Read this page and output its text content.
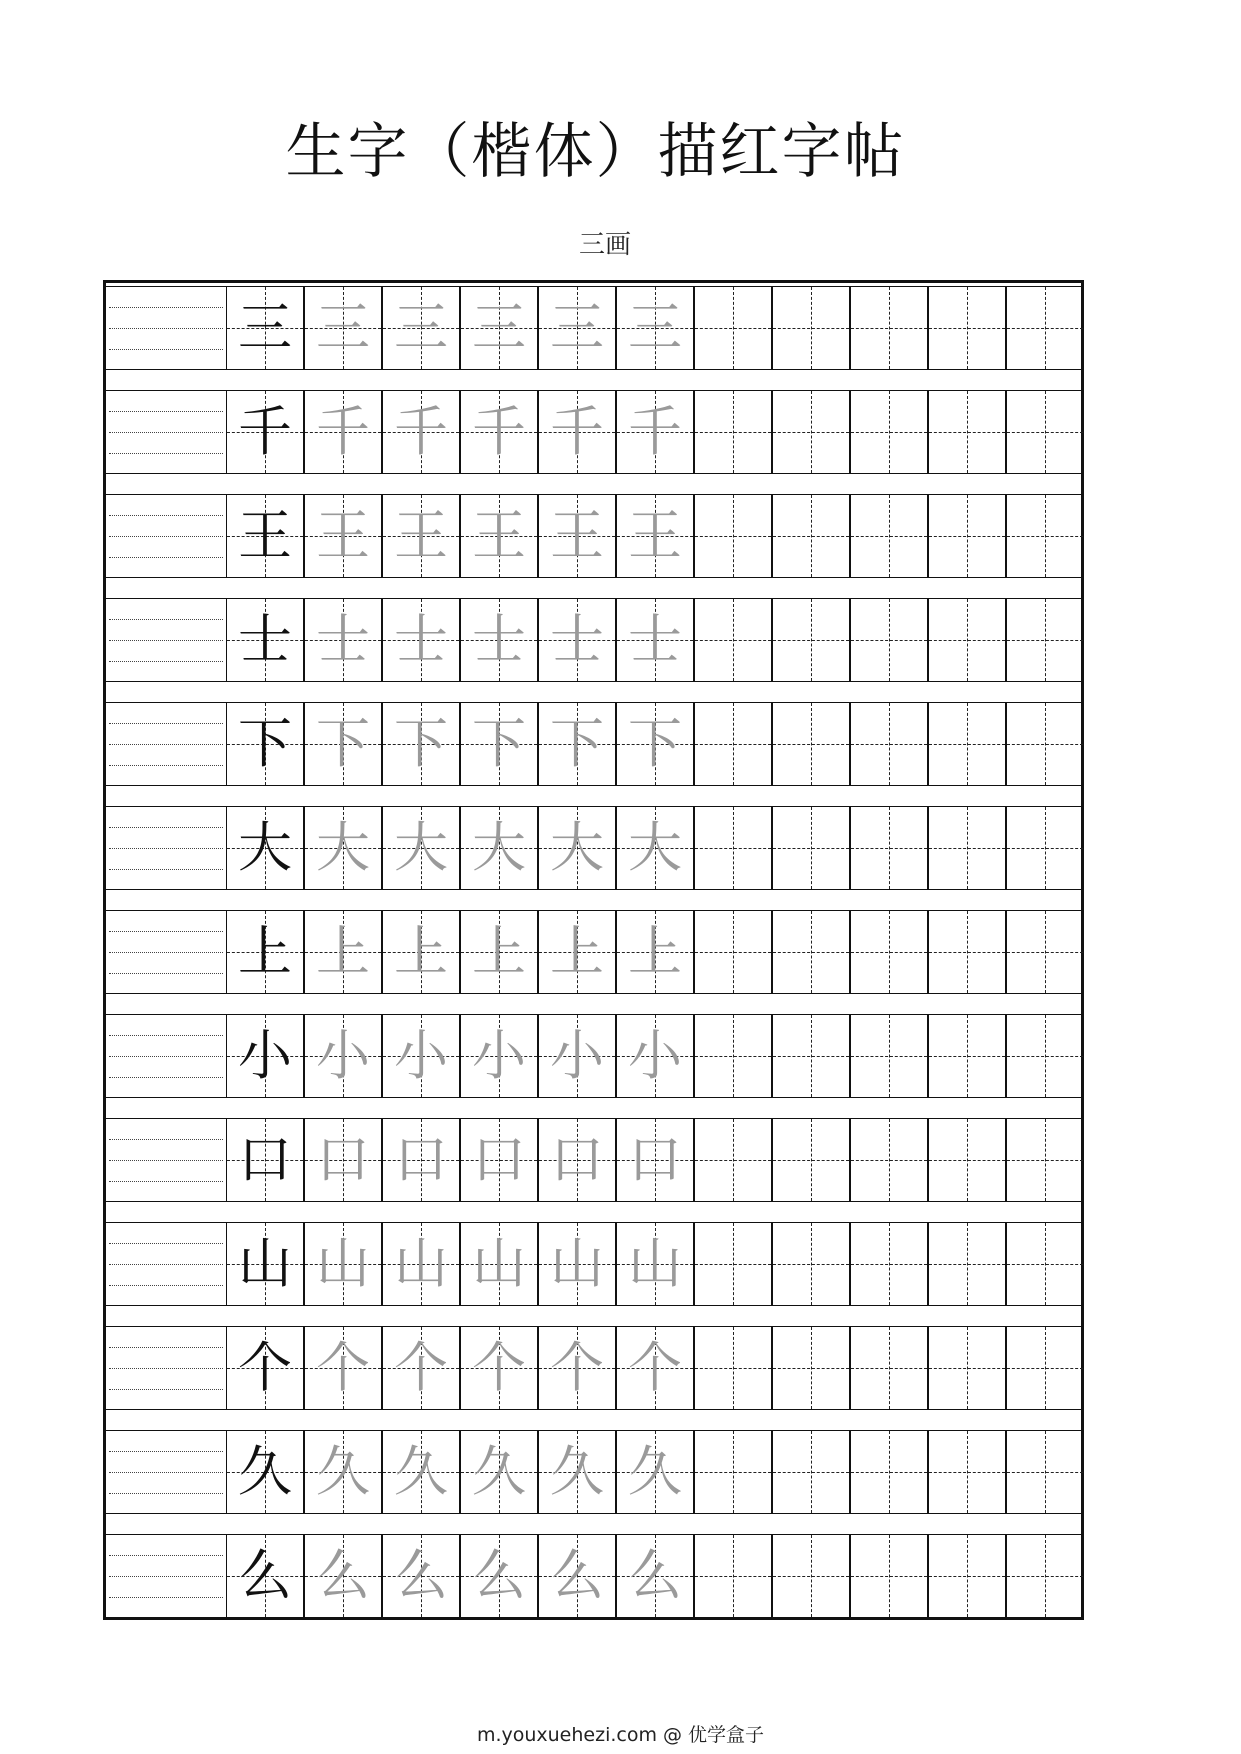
生字（楷体）描红字帖
三画
三 三 三 三 三 三
千 千 千 千 千 千
王 王 王 王 王 王
士 士 士 士 士 士
下 下 下 下 下 下
大 大 大 大 大 大
上 上 上 上 上 上
小 小 小 小 小 小
口 口 口 口 口 口
山 山 山 山 山 山
个 个 个 个 个 个
久 久 久 久 久 久
么 么 么 么 么 么
m.youxuehezi.com @ 优学盒子
